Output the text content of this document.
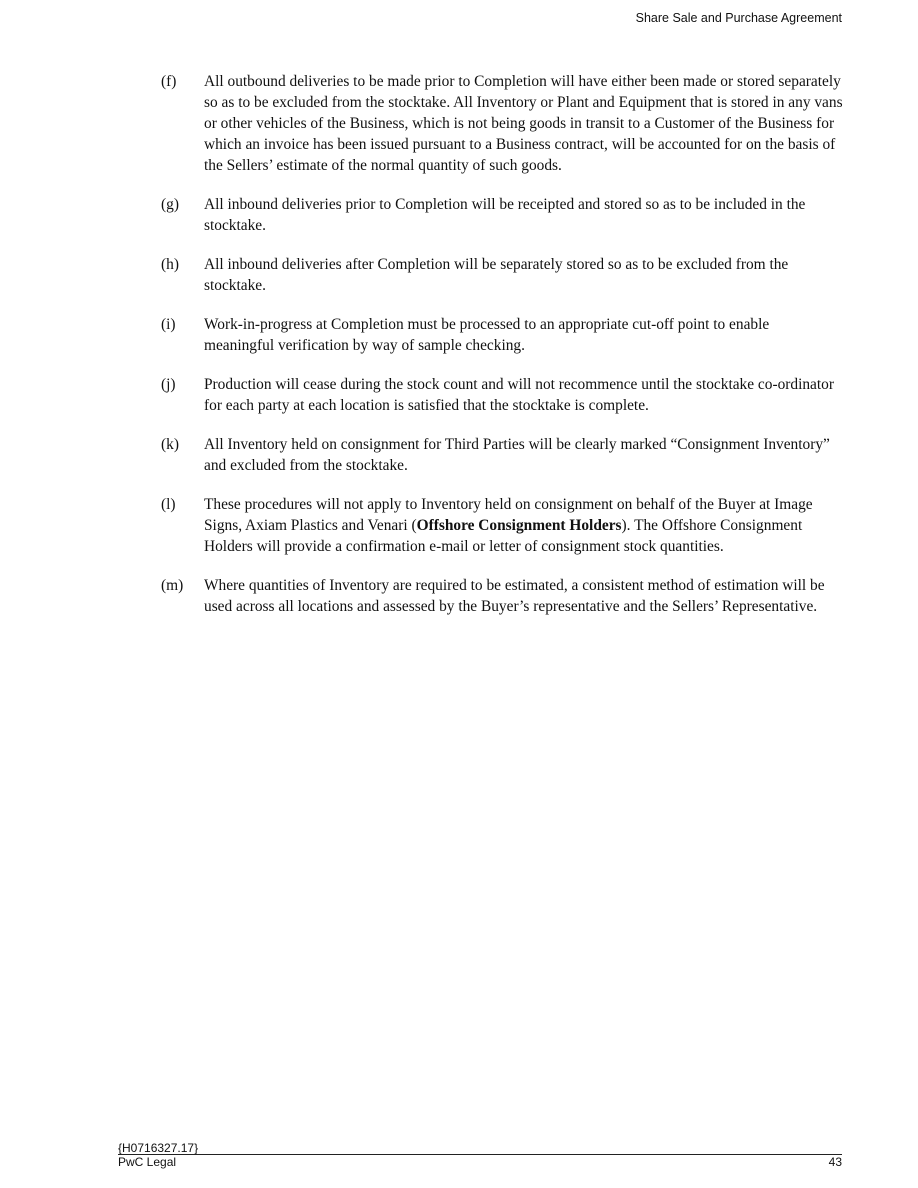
Share Sale and Purchase Agreement
(f)	All outbound deliveries to be made prior to Completion will have either been made or stored separately so as to be excluded from the stocktake. All Inventory or Plant and Equipment that is stored in any vans or other vehicles of the Business, which is not being goods in transit to a Customer of the Business for which an invoice has been issued pursuant to a Business contract, will be accounted for on the basis of the Sellers’ estimate of the normal quantity of such goods.
(g)	All inbound deliveries prior to Completion will be receipted and stored so as to be included in the stocktake.
(h)	All inbound deliveries after Completion will be separately stored so as to be excluded from the stocktake.
(i)	Work-in-progress at Completion must be processed to an appropriate cut-off point to enable meaningful verification by way of sample checking.
(j)	Production will cease during the stock count and will not recommence until the stocktake co-ordinator for each party at each location is satisfied that the stocktake is complete.
(k)	All Inventory held on consignment for Third Parties will be clearly marked “Consignment Inventory” and excluded from the stocktake.
(l)	These procedures will not apply to Inventory held on consignment on behalf of the Buyer at Image Signs, Axiam Plastics and Venari (Offshore Consignment Holders). The Offshore Consignment Holders will provide a confirmation e-mail or letter of consignment stock quantities.
(m)	Where quantities of Inventory are required to be estimated, a consistent method of estimation will be used across all locations and assessed by the Buyer’s representative and the Sellers’ Representative.
{H0716327.17}
PwC Legal	43
